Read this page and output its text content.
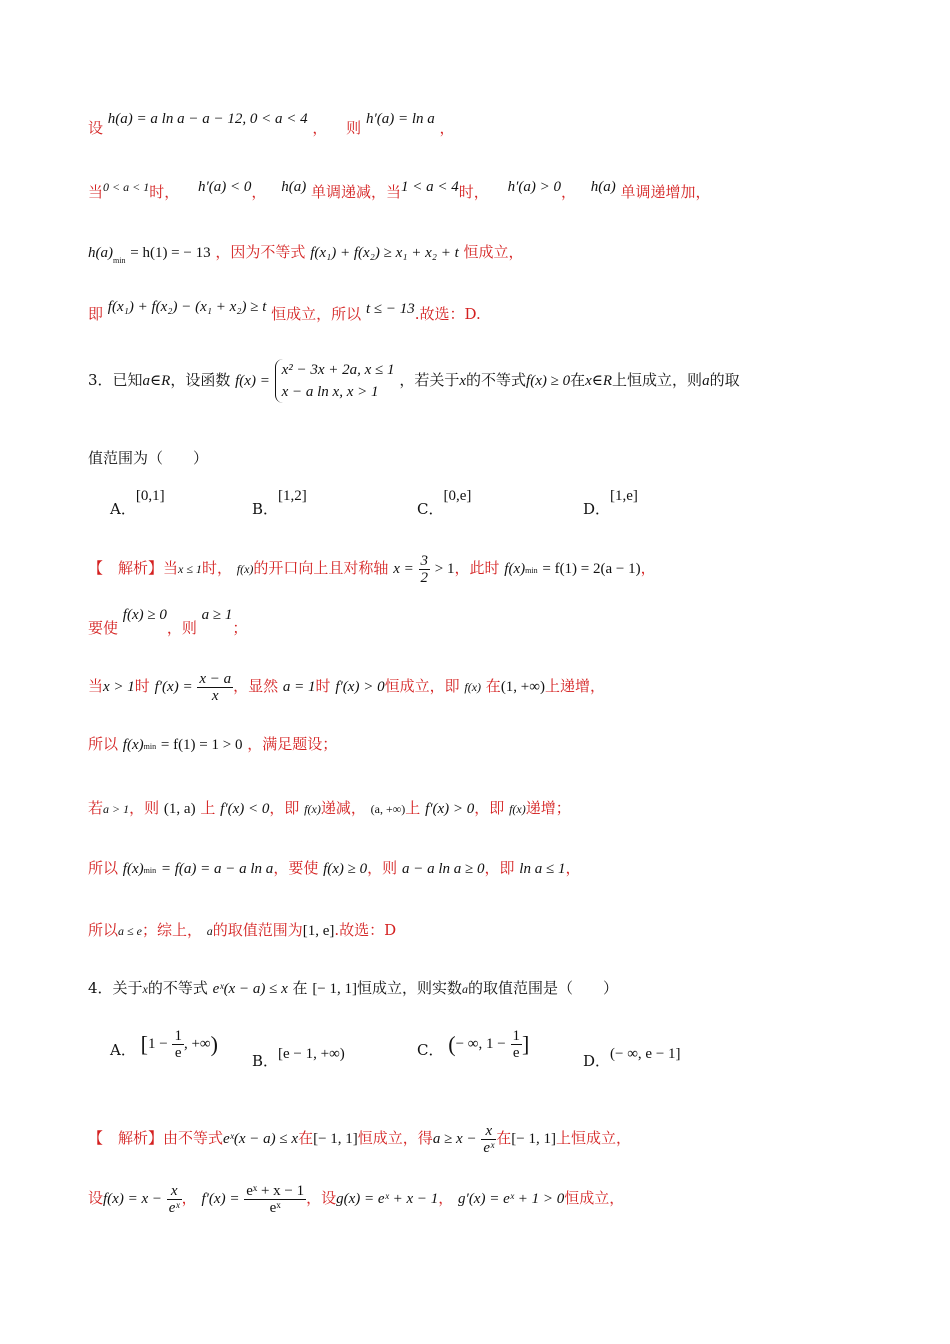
设 h(a) = a ln a − a − 12, 0 < a < 4 ， 则 h′(a) = ln a ，
当$^{0 < a < 1}$时， h′(a) < 0， h(a) 单调递减，当1 < a < 4时， h′(a) > 0， h(a) 单调递增加，
$h(a)_{min} = h(1)$ = − 13 ，因为不等式 f(x₁) + f(x₂) ≥ x₁ + x₂ + t 恒成立，
即 f(x₁) + f(x₂) − (x₁ + x₂) ≥ t 恒成立，所以 t ≤ − 13.故选：D.
3．已知a∈R，设函数 f(x) =
x² − 3x + 2a, x ≤ 1
x − a ln x, x > 1
，若关于x的不等式f(x) ≥ 0在x∈R上恒成立，则a的取
值范围为（　　）
A．[0,1]
B．[1,2]
C．[0,e]
D．[1,e]
【　解析】当x ≤ 1时， f(x)的开口向上且对称轴 $x = \frac{3}{2} > 1$，此时 f(x)min = f(1) = 2(a − 1)，
要使 f(x) ≥ 0，则 a ≥ 1；
当x > 1时 $f'(x) = \frac{x - a}{x}$ ，显然 a = 1时 f′(x) > 0恒成立，即 f(x) 在(1, +∞)上递增，
所以 f(x)min = f(1) = 1 > 0 ，满足题设；
若a > 1，则 (1, a) 上 f′(x) < 0，即 f(x)递减， (a, +∞)上 f′(x) > 0，即 f(x)递增；
所以 f(x)min = f(a) = a − a ln a，要使 f(x) ≥ 0，则 a − a ln a ≥ 0，即 ln a ≤ 1，
所以a ≤ e；综上， a的取值范围为[1, e].故选：D
4．关于x的不等式 eˣ(x − a) ≤ x 在 [− 1, 1]恒成立，则实数a的取值范围是（　　）
A． [$1 - \frac{1}{e}$ , +∞)
B．[e − 1, +∞)	C． (− ∞, $1 - \frac{1}{e}$ ]
D．(− ∞, e − 1]
【　解析】由不等式eˣ(x − a) ≤ x在[− 1, 1]恒成立，得$a \ge x - \frac{x}{\text{eˣ}}$ 在[− 1, 1]上恒成立，
设$f(x) = x - \frac{x}{\text{eˣ}}$ ， $f'(x) = \frac{\text{eˣ + x − 1}}{\text{eˣ}}$ ，设g(x) = eˣ + x − 1， g′(x) = eˣ + 1 > 0恒成立，
